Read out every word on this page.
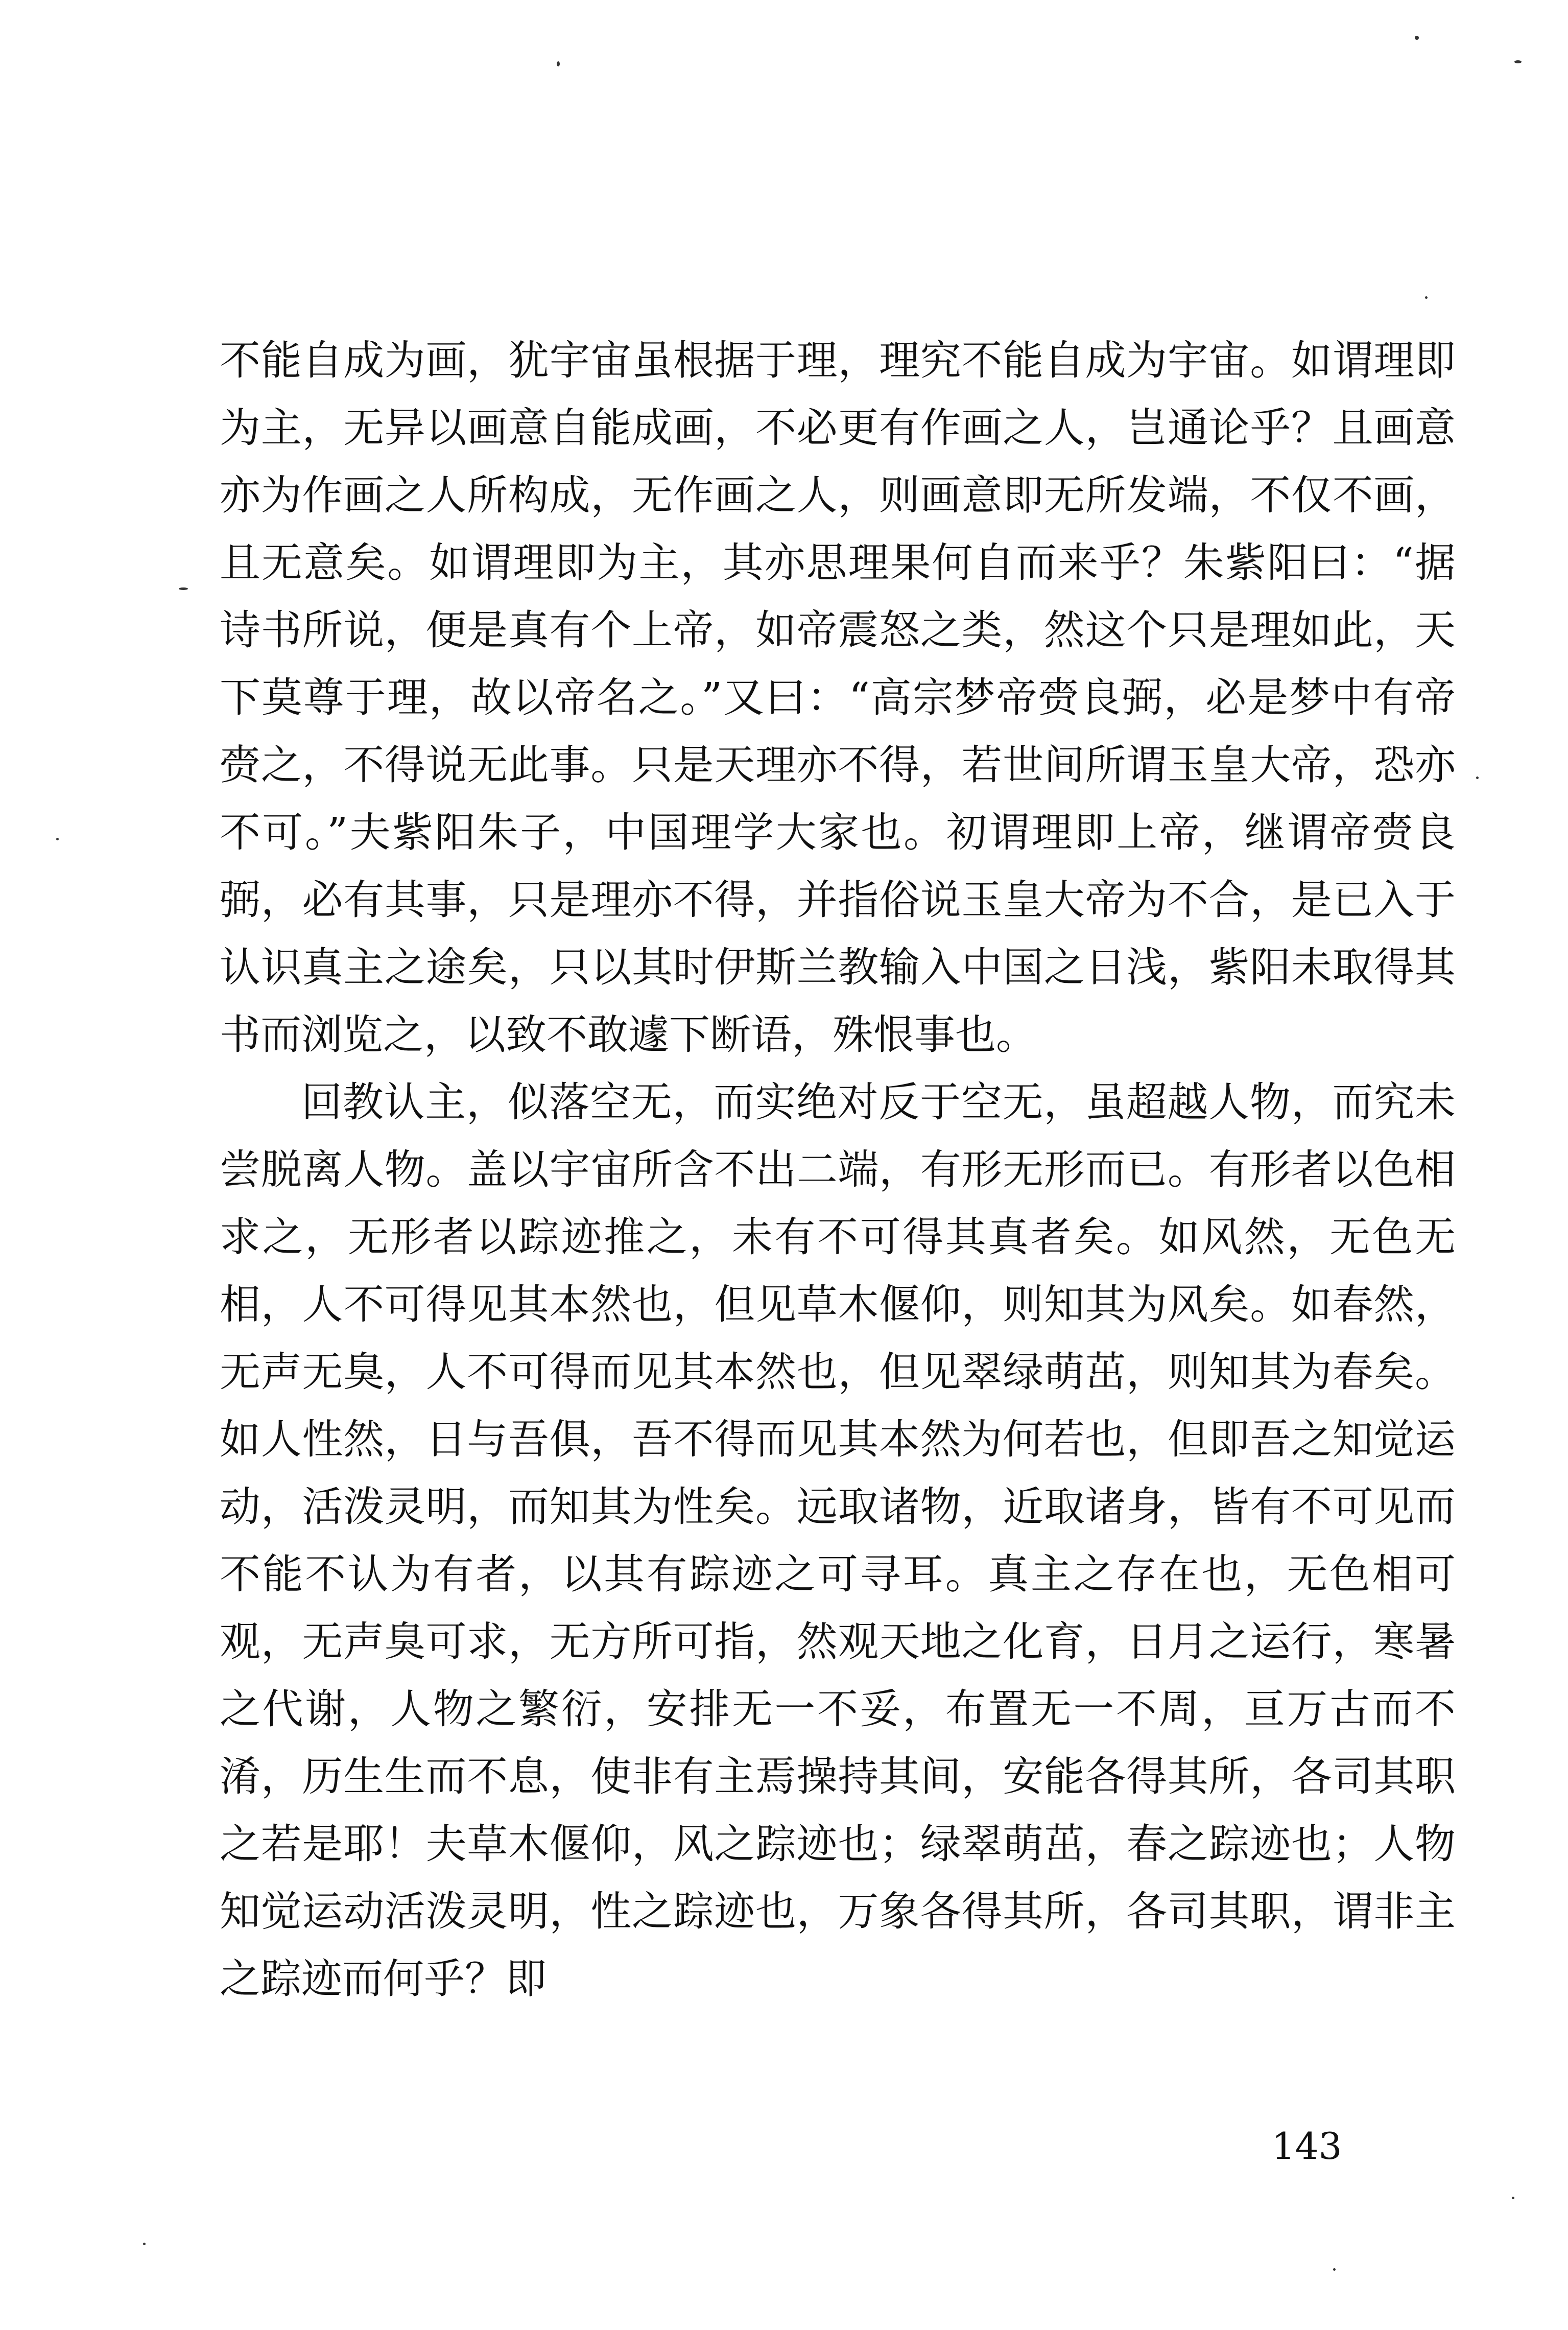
不能自成为画，犹宇宙虽根据于理，理究不能自成为宇宙。如谓理即为主，无异以画意自能成画，不必更有作画之人，岂通论乎？且画意亦为作画之人所构成，无作画之人，则画意即无所发端，不仅不画，且无意矣。如谓理即为主，其亦思理果何自而来乎？朱紫阳曰：“据诗书所说，便是真有个上帝，如帝震怒之类，然这个只是理如此，天下莫尊于理，故以帝名之。”又曰：“高宗梦帝赍良弼，必是梦中有帝赍之，不得说无此事。只是天理亦不得，若世间所谓玉皇大帝，恐亦不可。”夫紫阳朱子，中国理学大家也。初谓理即上帝，继谓帝赍良弼，必有其事，只是理亦不得，并指俗说玉皇大帝为不合，是已入于认识真主之途矣，只以其时伊斯兰教输入中国之日浅，紫阳未取得其书而浏览之，以致不敢遽下断语，殊恨事也。

回教认主，似落空无，而实绝对反于空无，虽超越人物，而究未尝脱离人物。盖以宇宙所含不出二端，有形无形而已。有形者以色相求之，无形者以踪迹推之，未有不可得其真者矣。如风然，无色无相，人不可得见其本然也，但见草木偃仰，则知其为风矣。如春然，无声无臭，人不可得而见其本然也，但见翠绿萌茁，则知其为春矣。如人性然，日与吾俱，吾不得而见其本然为何若也，但即吾之知觉运动，活泼灵明，而知其为性矣。远取诸物，近取诸身，皆有不可见而不能不认为有者，以其有踪迹之可寻耳。真主之存在也，无色相可观，无声臭可求，无方所可指，然观天地之化育，日月之运行，寒暑之代谢，人物之繁衍，安排无一不妥，布置无一不周，亘万古而不淆，历生生而不息，使非有主焉操持其间，安能各得其所，各司其职之若是耶！夫草木偃仰，风之踪迹也；绿翠萌茁，春之踪迹也；人物知觉运动活泼灵明，性之踪迹也，万象各得其所，各司其职，谓非主之踪迹而何乎？即

143
